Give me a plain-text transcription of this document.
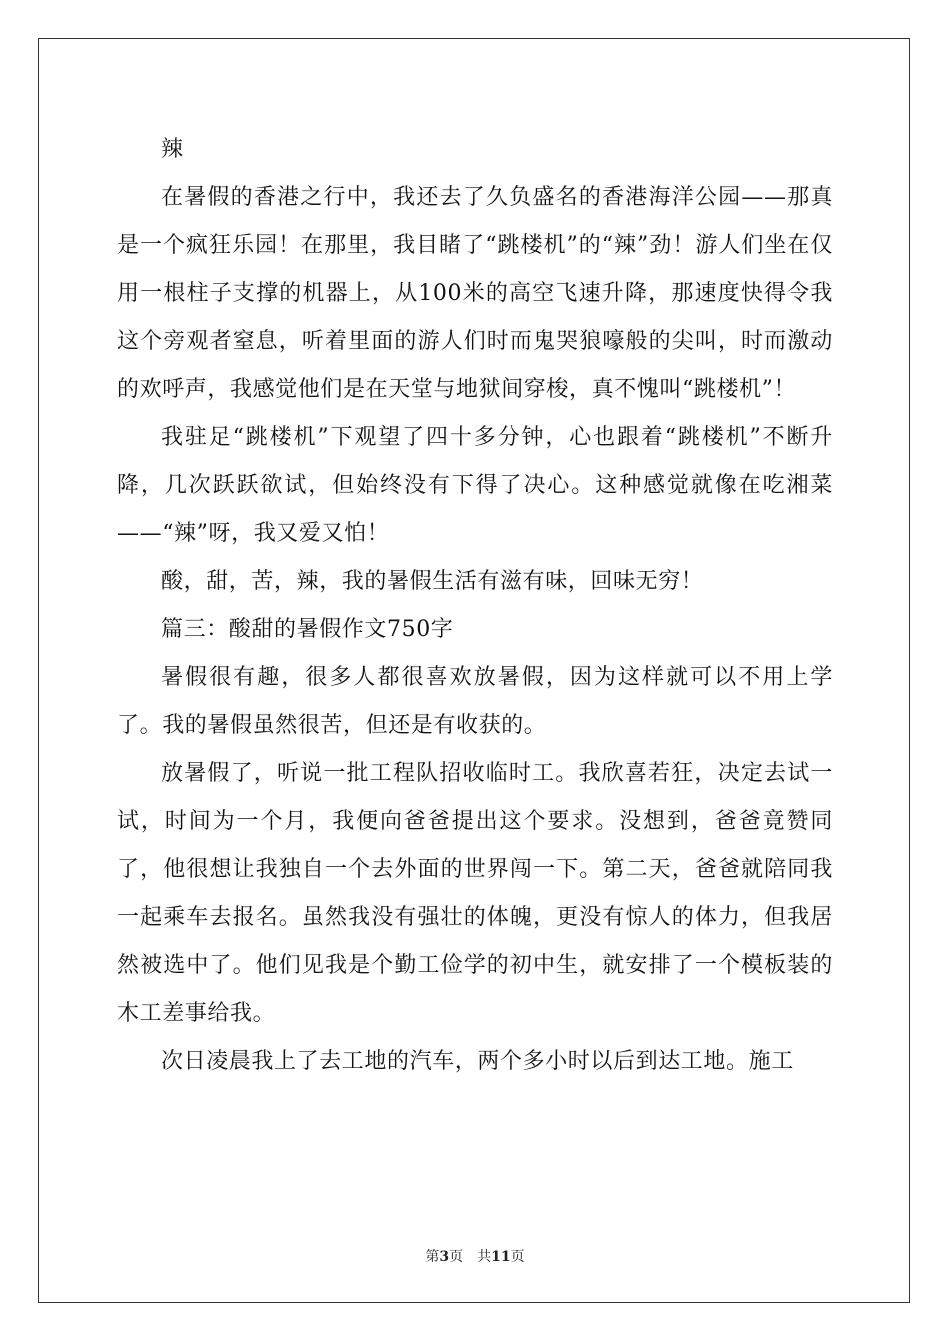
辣

在暑假的香港之行中，我还去了久负盛名的香港海洋公园——那真是一个疯狂乐园！在那里，我目睹了“跳楼机”的“辣”劲！游人们坐在仅用一根柱子支撑的机器上，从100米的高空飞速升降，那速度快得令我这个旁观者窒息，听着里面的游人们时而鬼哭狼嚎般的尖叫，时而激动的欢呼声，我感觉他们是在天堂与地狱间穿梭，真不愧叫“跳楼机”！

我驻足“跳楼机”下观望了四十多分钟，心也跟着“跳楼机”不断升降，几次跃跃欲试，但始终没有下得了决心。这种感觉就像在吃湘菜——“辣”呀，我又爱又怕！

酸，甜，苦，辣，我的暑假生活有滋有味，回味无穷！

篇三：酸甜的暑假作文750字

暑假很有趣，很多人都很喜欢放暑假，因为这样就可以不用上学了。我的暑假虽然很苦，但还是有收获的。

放暑假了，听说一批工程队招收临时工。我欣喜若狂，决定去试一试，时间为一个月，我便向爸爸提出这个要求。没想到，爸爸竟赞同了，他很想让我独自一个去外面的世界闯一下。第二天，爸爸就陪同我一起乘车去报名。虽然我没有强壮的体魄，更没有惊人的体力，但我居然被选中了。他们见我是个勤工俭学的初中生，就安排了一个模板装的木工差事给我。

次日凌晨我上了去工地的汽车，两个多小时以后到达工地。施工

第3页 共11页
